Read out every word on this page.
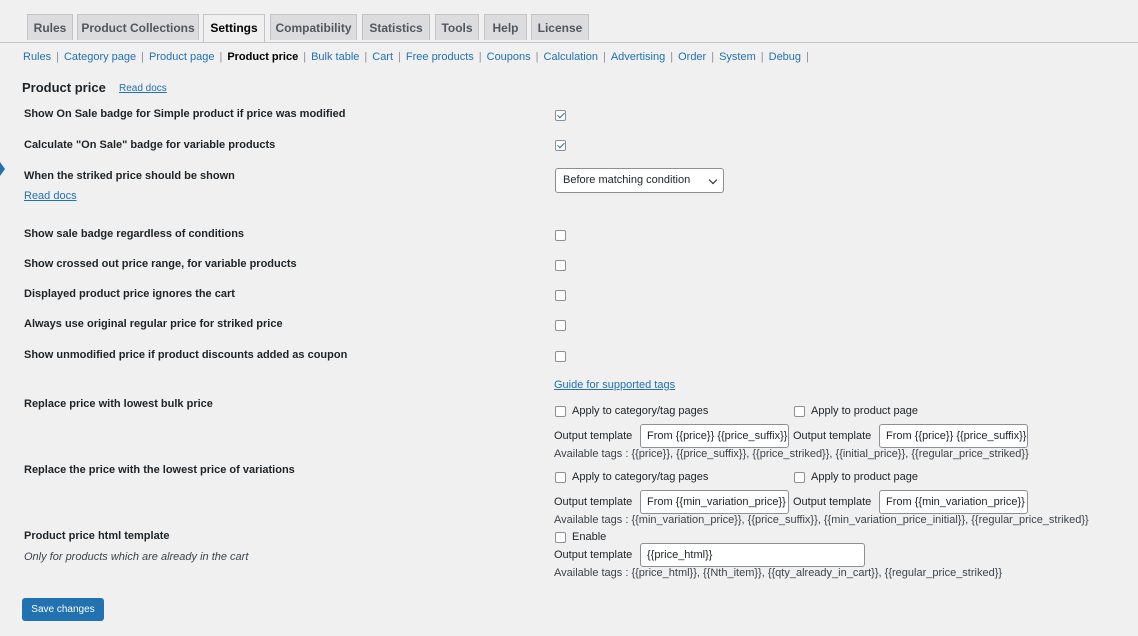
Rules	Product Collections	Settings	Compatibility	Statistics	Tools	Help	License
Rules | Category page | Product page | Product price | Bulk table | Cart | Free products | Coupons | Calculation | Advertising | Order | System | Debug |
Product price Read docs
Show On Sale badge for Simple product if price was modified
Calculate "On Sale" badge for variable products
When the striked price should be shown
Read docs
Before matching condition
Show sale badge regardless of conditions
Show crossed out price range, for variable products
Displayed product price ignores the cart
Always use original regular price for striked price
Show unmodified price if product discounts added as coupon
Guide for supported tags
Replace price with lowest bulk price
Apply to category/tag pages	Apply to product page
Output template	From {{price}} {{price_suffix}} Output template	From {{price}} {{price_suffix}}
Available tags : {{price}}, {{price_suffix}}, {{price_striked}}, {{initial_price}}, {{regular_price_striked}}
Replace the price with the lowest price of variations
Apply to category/tag pages	Apply to product page
Output template	From {{min_variation_price}} Output template	From {{min_variation_price}}
Available tags : {{min_variation_price}}, {{price_suffix}}, {{min_variation_price_initial}}, {{regular_price_striked}}
Product price html template
Only for products which are already in the cart
Enable
Output template	{{price_html}}
Available tags : {{price_html}}, {{Nth_item}}, {{qty_already_in_cart}}, {{regular_price_striked}}
Save changes
